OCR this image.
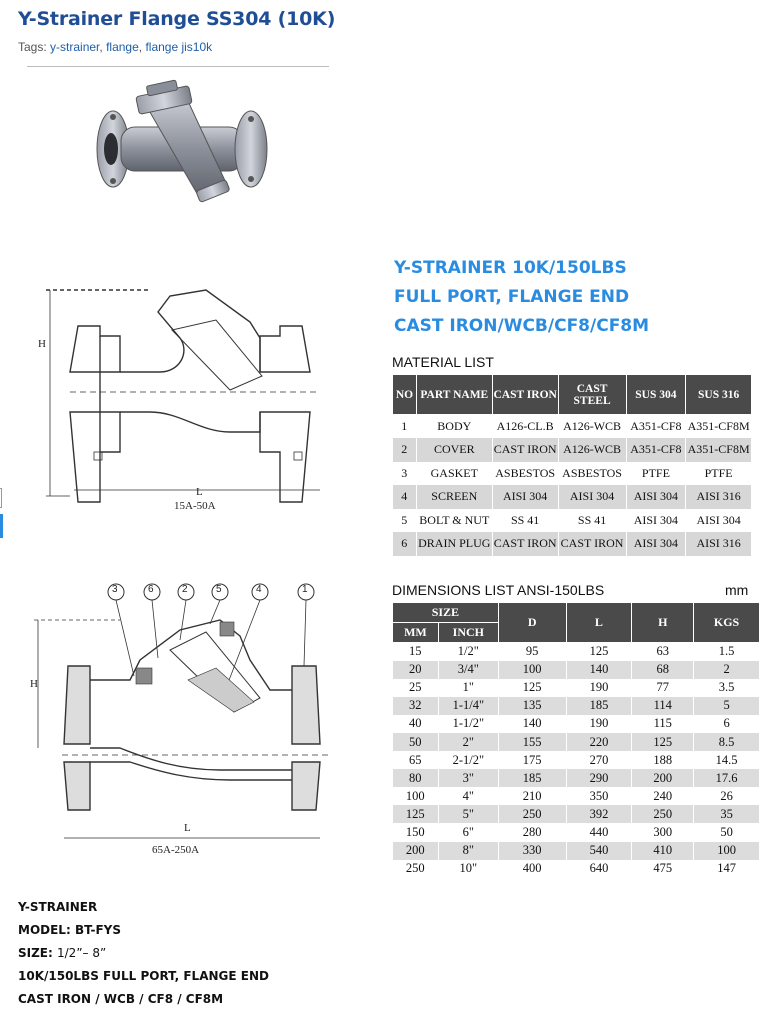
Y-Strainer Flange SS304 (10K)
Tags: y-strainer, flange, flange jis10k
H
L
15A-50A
3	6	2	5	4	1
H
L
65A-250A
Y-STRAINER 10K/150LBS
FULL PORT, FLANGE END
CAST IRON/WCB/CF8/CF8M
MATERIAL LIST
NO	PART NAME	CAST IRON	CAST STEEL	SUS 304	SUS 316
1	BODY	A126-CL.B	A126-WCB	A351-CF8	A351-CF8M
2	COVER	CAST IRON	A126-WCB	A351-CF8	A351-CF8M
3	GASKET	ASBESTOS	ASBESTOS	PTFE	PTFE
4	SCREEN	AISI 304	AISI 304	AISI 304	AISI 316
5	BOLT & NUT	SS 41	SS 41	AISI 304	AISI 304
6	DRAIN PLUG	CAST IRON	CAST IRON	AISI 304	AISI 316
DIMENSIONS LIST ANSI-150LBS	mm
SIZE		D	L	H	KGS
MM	INCH				
15	1/2"	95	125	63	1.5
20	3/4"	100	140	68	2
25	1"	125	190	77	3.5
32	1-1/4"	135	185	114	5
40	1-1/2"	140	190	115	6
50	2"	155	220	125	8.5
65	2-1/2"	175	270	188	14.5
80	3"	185	290	200	17.6
100	4"	210	350	240	26
125	5"	250	392	250	35
150	6"	280	440	300	50
200	8"	330	540	410	100
250	10"	400	640	475	147
Y-STRAINER
MODEL: BT-FYS
SIZE: 1/2”– 8”
10K/150LBS FULL PORT, FLANGE END
CAST IRON / WCB / CF8 / CF8M
